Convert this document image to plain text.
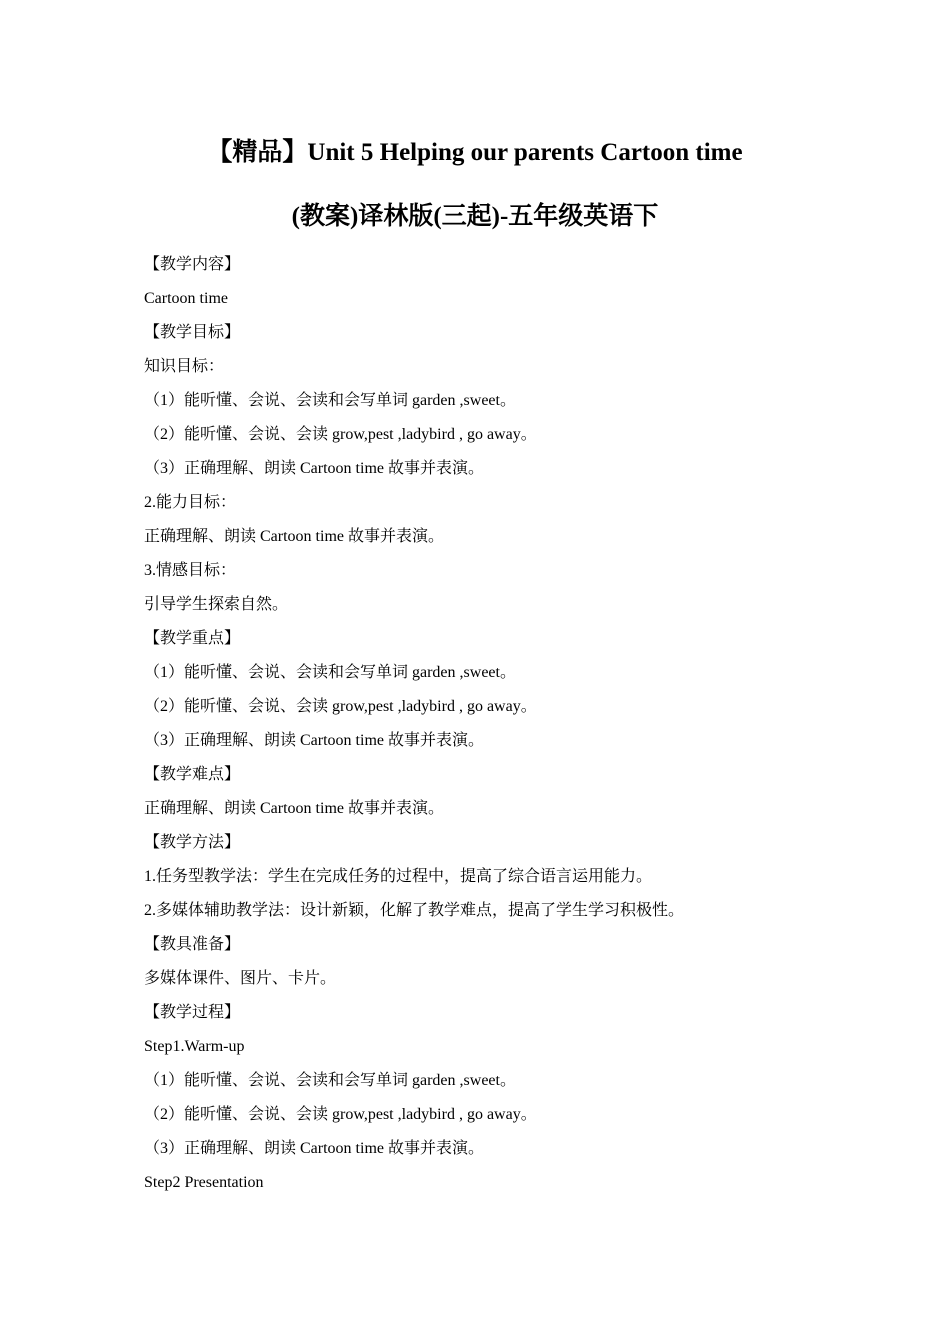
【精品】Unit 5 Helping our parents Cartoon time
(教案)译林版(三起)-五年级英语下
【教学内容】
Cartoon time
【教学目标】
知识目标：
（1）能听懂、会说、会读和会写单词 garden ,sweet。
（2）能听懂、会说、会读 grow,pest ,ladybird , go away。
（3）正确理解、朗读 Cartoon time 故事并表演。
2.能力目标：
正确理解、朗读 Cartoon time 故事并表演。
3.情感目标：
引导学生探索自然。
【教学重点】
（1）能听懂、会说、会读和会写单词 garden ,sweet。
（2）能听懂、会说、会读 grow,pest ,ladybird , go away。
（3）正确理解、朗读 Cartoon time 故事并表演。
【教学难点】
正确理解、朗读 Cartoon time 故事并表演。
【教学方法】
1.任务型教学法：学生在完成任务的过程中，提高了综合语言运用能力。
2.多媒体辅助教学法：设计新颖，化解了教学难点，提高了学生学习积极性。
【教具准备】
多媒体课件、图片、卡片。
【教学过程】
Step1.Warm-up
（1）能听懂、会说、会读和会写单词 garden ,sweet。
（2）能听懂、会说、会读 grow,pest ,ladybird , go away。
（3）正确理解、朗读 Cartoon time 故事并表演。
Step2 Presentation
